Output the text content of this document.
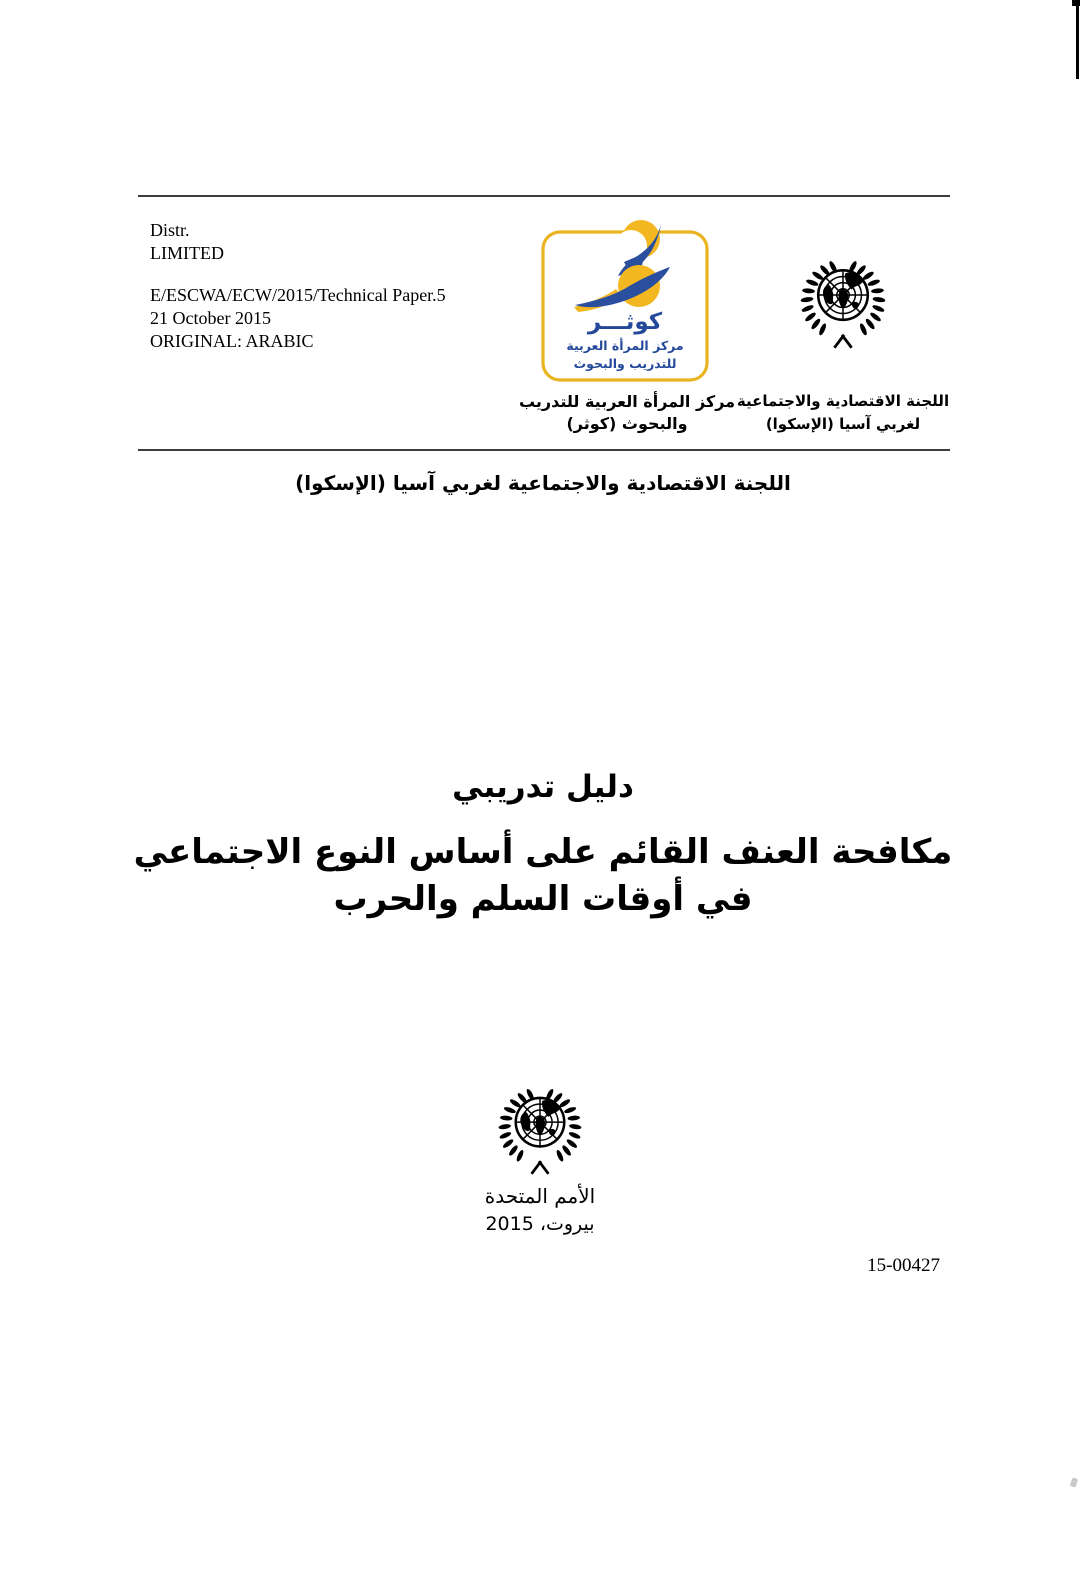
Distr.
LIMITED
E/ESCWA/ECW/2015/Technical Paper.5
21 October 2015
ORIGINAL: ARABIC
كوثـــر
مركز المرأة العربية
للتدريب والبحوث
مركز المرأة العربية للتدريب
والبحوث (كوثر)
اللجنة الاقتصادية والاجتماعية
لغربي آسيا (الإسكوا)
اللجنة الاقتصادية والاجتماعية لغربي آسيا (الإسكوا)

دليل تدريبي

مكافحة العنف القائم على أساس النوع الاجتماعي
في أوقات السلم والحرب

الأمم المتحدة
بيروت، 2015
15-00427
